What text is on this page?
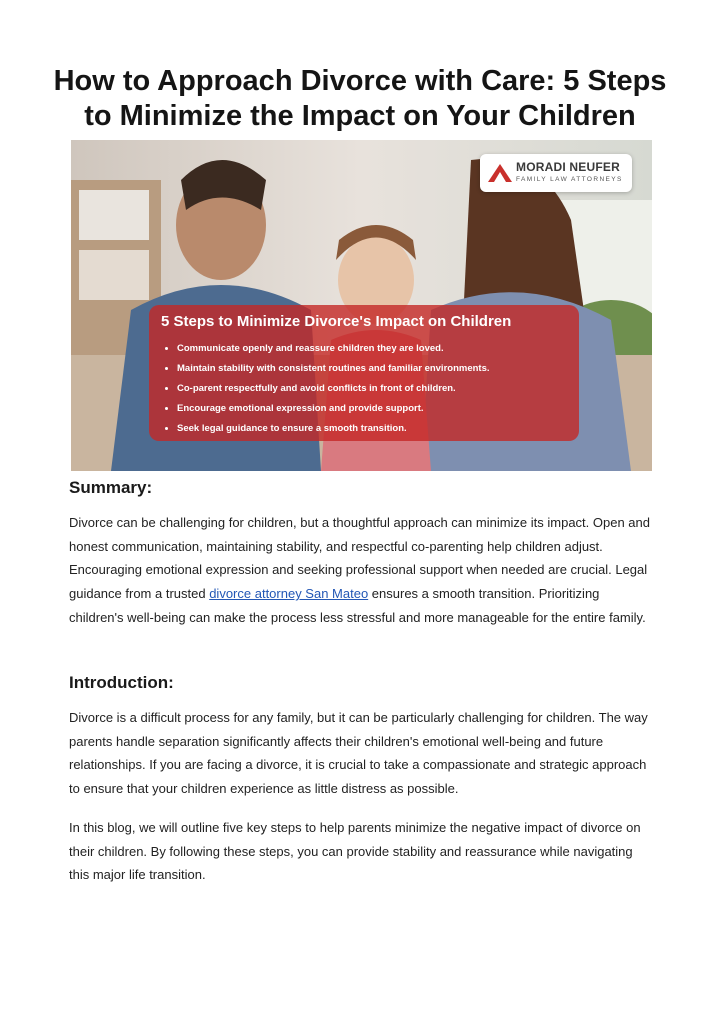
How to Approach Divorce with Care: 5 Steps to Minimize the Impact on Your Children
MORADI NEUFER
FAMILY LAW ATTORNEYS
5 Steps to Minimize Divorce's Impact on Children
• Communicate openly and reassure children they are loved.
• Maintain stability with consistent routines and familiar environments.
• Co-parent respectfully and avoid conflicts in front of children.
• Encourage emotional expression and provide support.
• Seek legal guidance to ensure a smooth transition.
Summary:

Divorce can be challenging for children, but a thoughtful approach can minimize its impact. Open and honest communication, maintaining stability, and respectful co-parenting help children adjust. Encouraging emotional expression and seeking professional support when needed are crucial. Legal guidance from a trusted divorce attorney San Mateo ensures a smooth transition. Prioritizing children's well-being can make the process less stressful and more manageable for the entire family.

Introduction:

Divorce is a difficult process for any family, but it can be particularly challenging for children. The way parents handle separation significantly affects their children's emotional well-being and future relationships. If you are facing a divorce, it is crucial to take a compassionate and strategic approach to ensure that your children experience as little distress as possible.

In this blog, we will outline five key steps to help parents minimize the negative impact of divorce on their children. By following these steps, you can provide stability and reassurance while navigating this major life transition.
